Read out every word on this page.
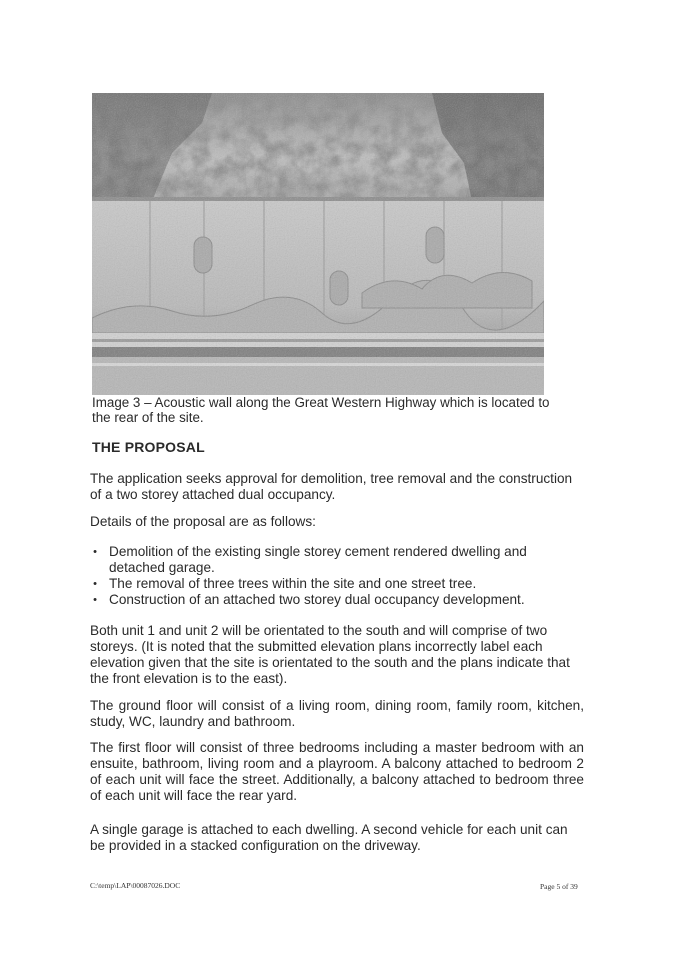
Image 3 – Acoustic wall along the Great Western Highway which is located to the rear of the site.
THE PROPOSAL

The application seeks approval for demolition, tree removal and the construction of a two storey attached dual occupancy.

Details of the proposal are as follows:

• Demolition of the existing single storey cement rendered dwelling and detached garage.
• The removal of three trees within the site and one street tree.
• Construction of an attached two storey dual occupancy development.

Both unit 1 and unit 2 will be orientated to the south and will comprise of two storeys. (It is noted that the submitted elevation plans incorrectly label each elevation given that the site is orientated to the south and the plans indicate that the front elevation is to the east).

The ground floor will consist of a living room, dining room, family room, kitchen, study, WC, laundry and bathroom.

The first floor will consist of three bedrooms including a master bedroom with an ensuite, bathroom, living room and a playroom. A balcony attached to bedroom 2 of each unit will face the street. Additionally, a balcony attached to bedroom three of each unit will face the rear yard.

A single garage is attached to each dwelling. A second vehicle for each unit can be provided in a stacked configuration on the driveway.

C:\temp\LAP\00087026.DOC	Page 5 of 39
